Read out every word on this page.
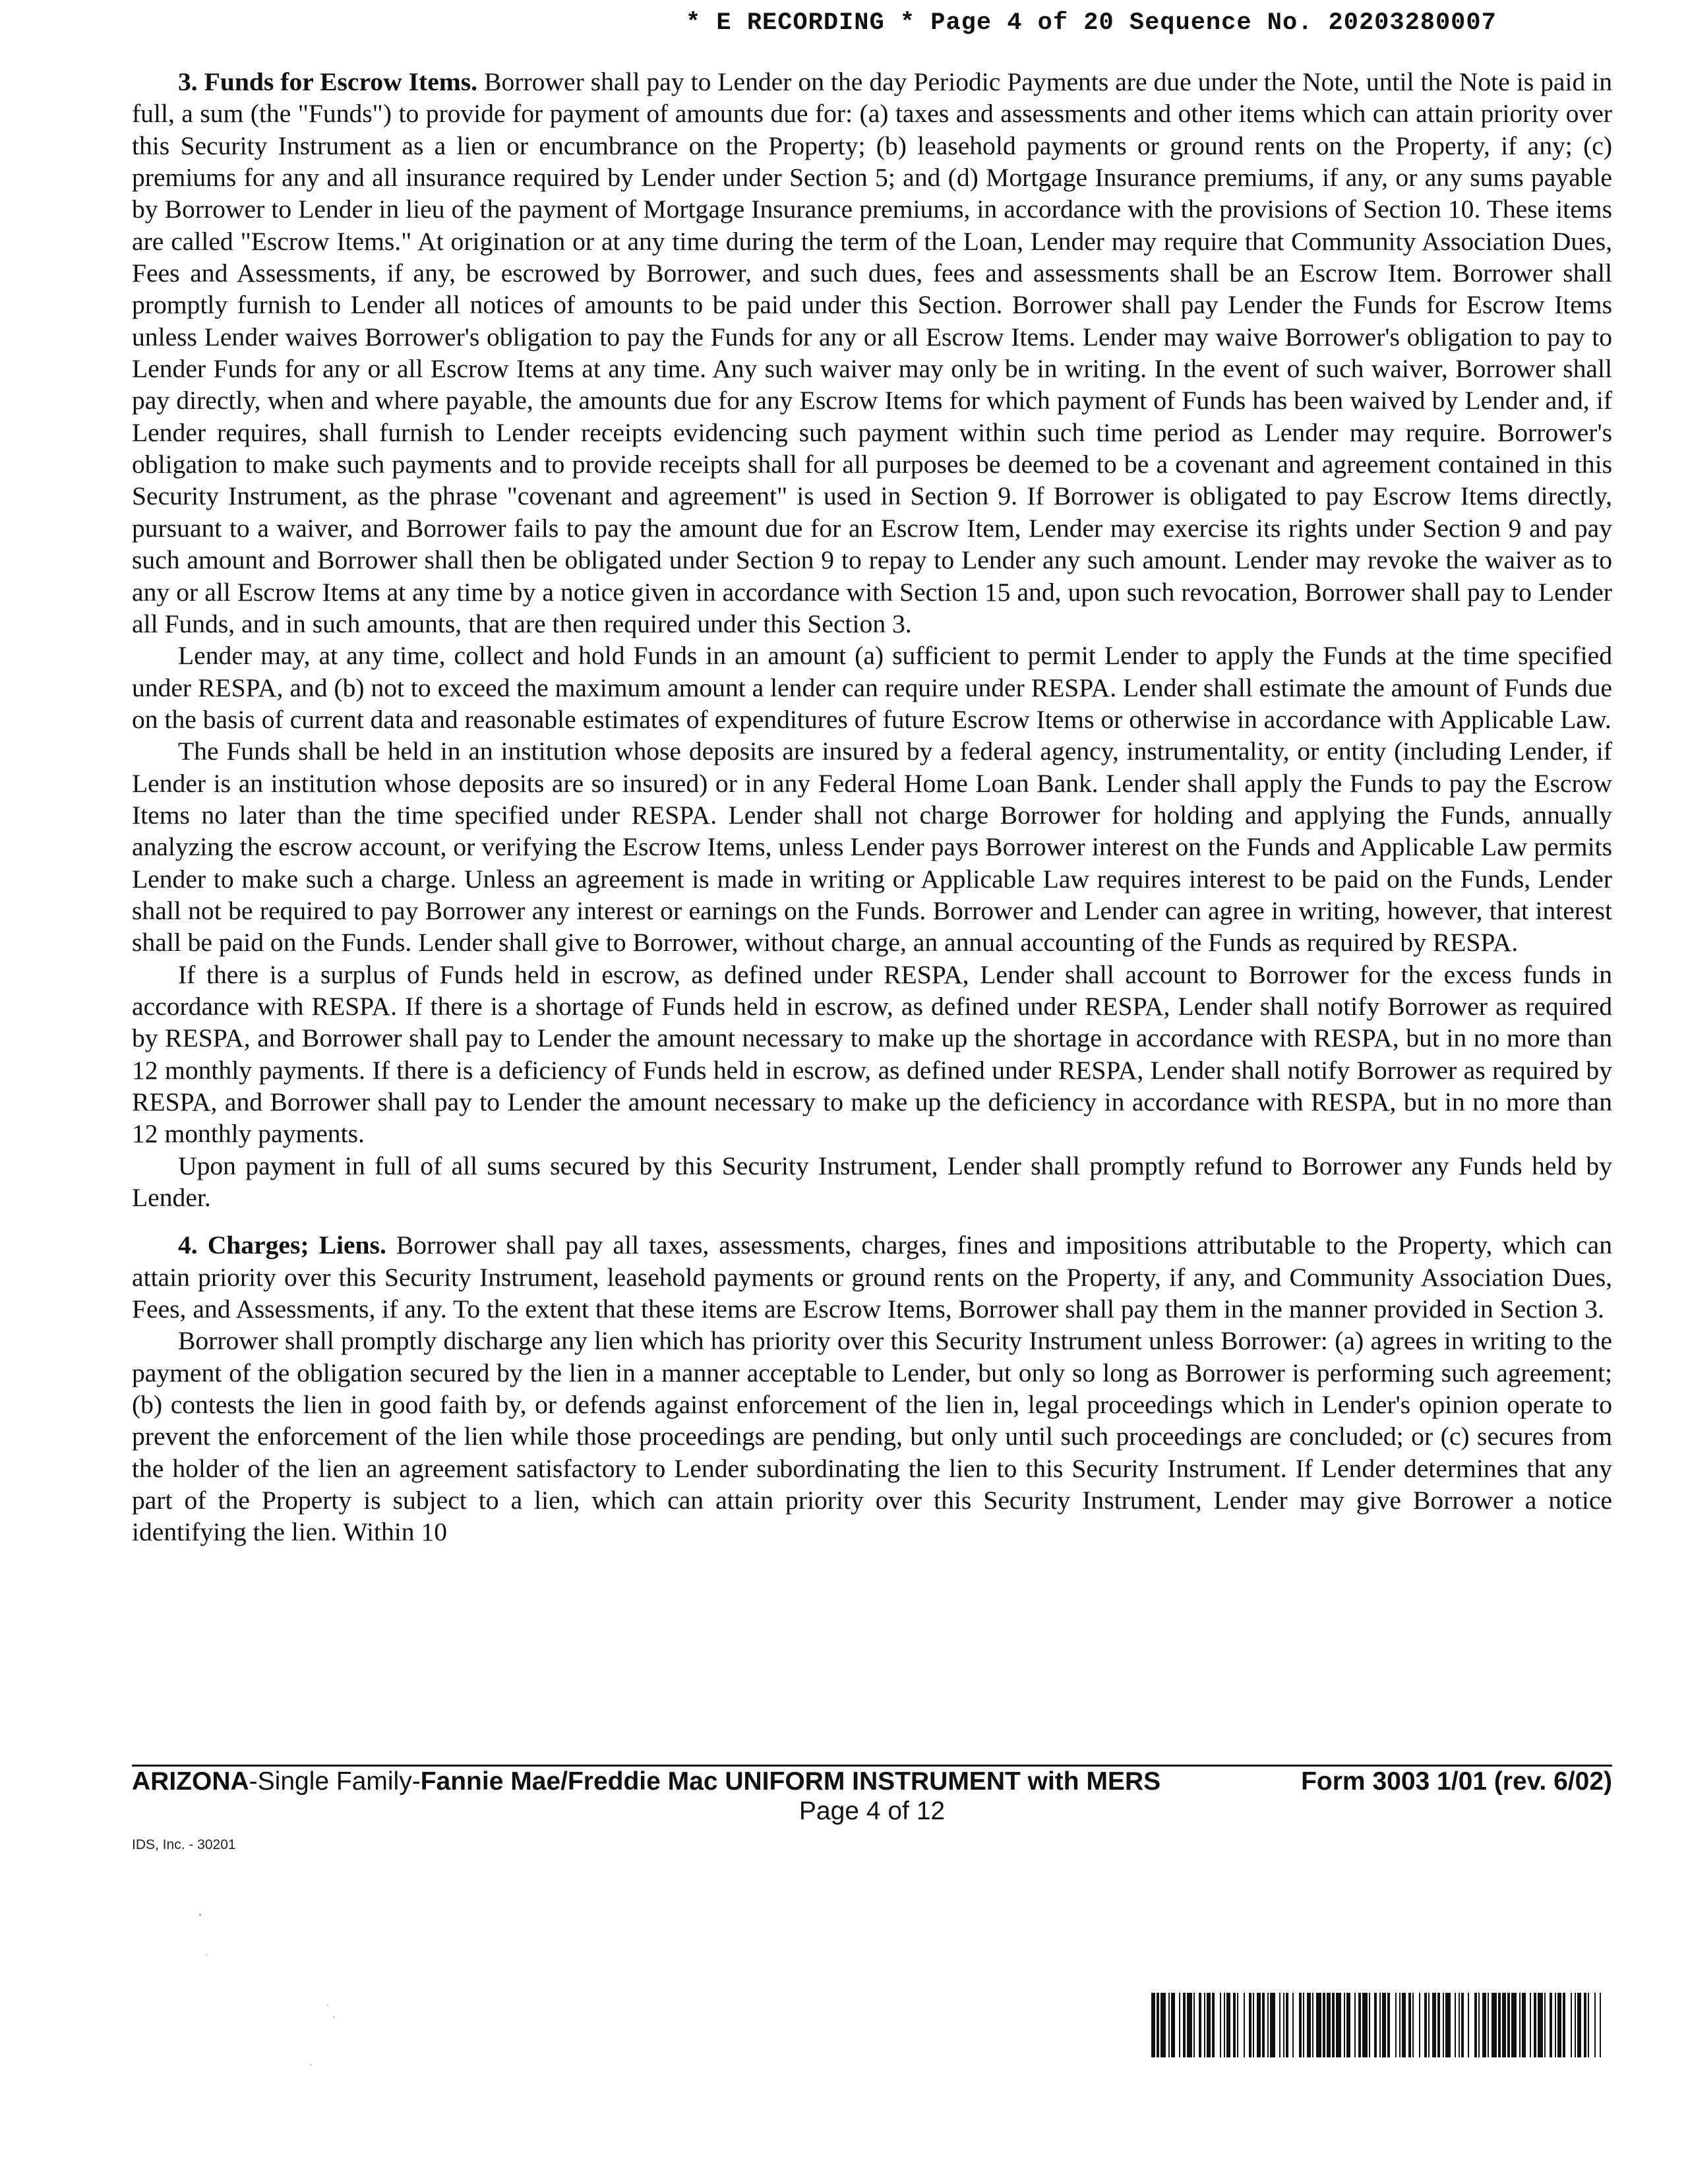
* E RECORDING * Page 4 of 20 Sequence No. 20203280007

3. Funds for Escrow Items. Borrower shall pay to Lender on the day Periodic Payments are due under the Note, until the Note is paid in full, a sum (the "Funds") to provide for payment of amounts due for: (a) taxes and assessments and other items which can attain priority over this Security Instrument as a lien or encumbrance on the Property; (b) leasehold payments or ground rents on the Property, if any; (c) premiums for any and all insurance required by Lender under Section 5; and (d) Mortgage Insurance premiums, if any, or any sums payable by Borrower to Lender in lieu of the payment of Mortgage Insurance premiums, in accordance with the provisions of Section 10. These items are called "Escrow Items." At origination or at any time during the term of the Loan, Lender may require that Community Association Dues, Fees and Assessments, if any, be escrowed by Borrower, and such dues, fees and assessments shall be an Escrow Item. Borrower shall promptly furnish to Lender all notices of amounts to be paid under this Section. Borrower shall pay Lender the Funds for Escrow Items unless Lender waives Borrower's obligation to pay the Funds for any or all Escrow Items. Lender may waive Borrower's obligation to pay to Lender Funds for any or all Escrow Items at any time. Any such waiver may only be in writing. In the event of such waiver, Borrower shall pay directly, when and where payable, the amounts due for any Escrow Items for which payment of Funds has been waived by Lender and, if Lender requires, shall furnish to Lender receipts evidencing such payment within such time period as Lender may require. Borrower's obligation to make such payments and to provide receipts shall for all purposes be deemed to be a covenant and agreement contained in this Security Instrument, as the phrase "covenant and agreement" is used in Section 9. If Borrower is obligated to pay Escrow Items directly, pursuant to a waiver, and Borrower fails to pay the amount due for an Escrow Item, Lender may exercise its rights under Section 9 and pay such amount and Borrower shall then be obligated under Section 9 to repay to Lender any such amount. Lender may revoke the waiver as to any or all Escrow Items at any time by a notice given in accordance with Section 15 and, upon such revocation, Borrower shall pay to Lender all Funds, and in such amounts, that are then required under this Section 3.

Lender may, at any time, collect and hold Funds in an amount (a) sufficient to permit Lender to apply the Funds at the time specified under RESPA, and (b) not to exceed the maximum amount a lender can require under RESPA. Lender shall estimate the amount of Funds due on the basis of current data and reasonable estimates of expenditures of future Escrow Items or otherwise in accordance with Applicable Law.

The Funds shall be held in an institution whose deposits are insured by a federal agency, instrumentality, or entity (including Lender, if Lender is an institution whose deposits are so insured) or in any Federal Home Loan Bank. Lender shall apply the Funds to pay the Escrow Items no later than the time specified under RESPA. Lender shall not charge Borrower for holding and applying the Funds, annually analyzing the escrow account, or verifying the Escrow Items, unless Lender pays Borrower interest on the Funds and Applicable Law permits Lender to make such a charge. Unless an agreement is made in writing or Applicable Law requires interest to be paid on the Funds, Lender shall not be required to pay Borrower any interest or earnings on the Funds. Borrower and Lender can agree in writing, however, that interest shall be paid on the Funds. Lender shall give to Borrower, without charge, an annual accounting of the Funds as required by RESPA.

If there is a surplus of Funds held in escrow, as defined under RESPA, Lender shall account to Borrower for the excess funds in accordance with RESPA. If there is a shortage of Funds held in escrow, as defined under RESPA, Lender shall notify Borrower as required by RESPA, and Borrower shall pay to Lender the amount necessary to make up the shortage in accordance with RESPA, but in no more than 12 monthly payments. If there is a deficiency of Funds held in escrow, as defined under RESPA, Lender shall notify Borrower as required by RESPA, and Borrower shall pay to Lender the amount necessary to make up the deficiency in accordance with RESPA, but in no more than 12 monthly payments.

Upon payment in full of all sums secured by this Security Instrument, Lender shall promptly refund to Borrower any Funds held by Lender.

4. Charges; Liens. Borrower shall pay all taxes, assessments, charges, fines and impositions attributable to the Property, which can attain priority over this Security Instrument, leasehold payments or ground rents on the Property, if any, and Community Association Dues, Fees, and Assessments, if any. To the extent that these items are Escrow Items, Borrower shall pay them in the manner provided in Section 3.

Borrower shall promptly discharge any lien which has priority over this Security Instrument unless Borrower: (a) agrees in writing to the payment of the obligation secured by the lien in a manner acceptable to Lender, but only so long as Borrower is performing such agreement; (b) contests the lien in good faith by, or defends against enforcement of the lien in, legal proceedings which in Lender's opinion operate to prevent the enforcement of the lien while those proceedings are pending, but only until such proceedings are concluded; or (c) secures from the holder of the lien an agreement satisfactory to Lender subordinating the lien to this Security Instrument. If Lender determines that any part of the Property is subject to a lien, which can attain priority over this Security Instrument, Lender may give Borrower a notice identifying the lien. Within 10

ARIZONA-Single Family-Fannie Mae/Freddie Mac UNIFORM INSTRUMENT with MERS	Form 3003 1/01 (rev. 6/02)
Page 4 of 12
IDS, Inc. - 30201
